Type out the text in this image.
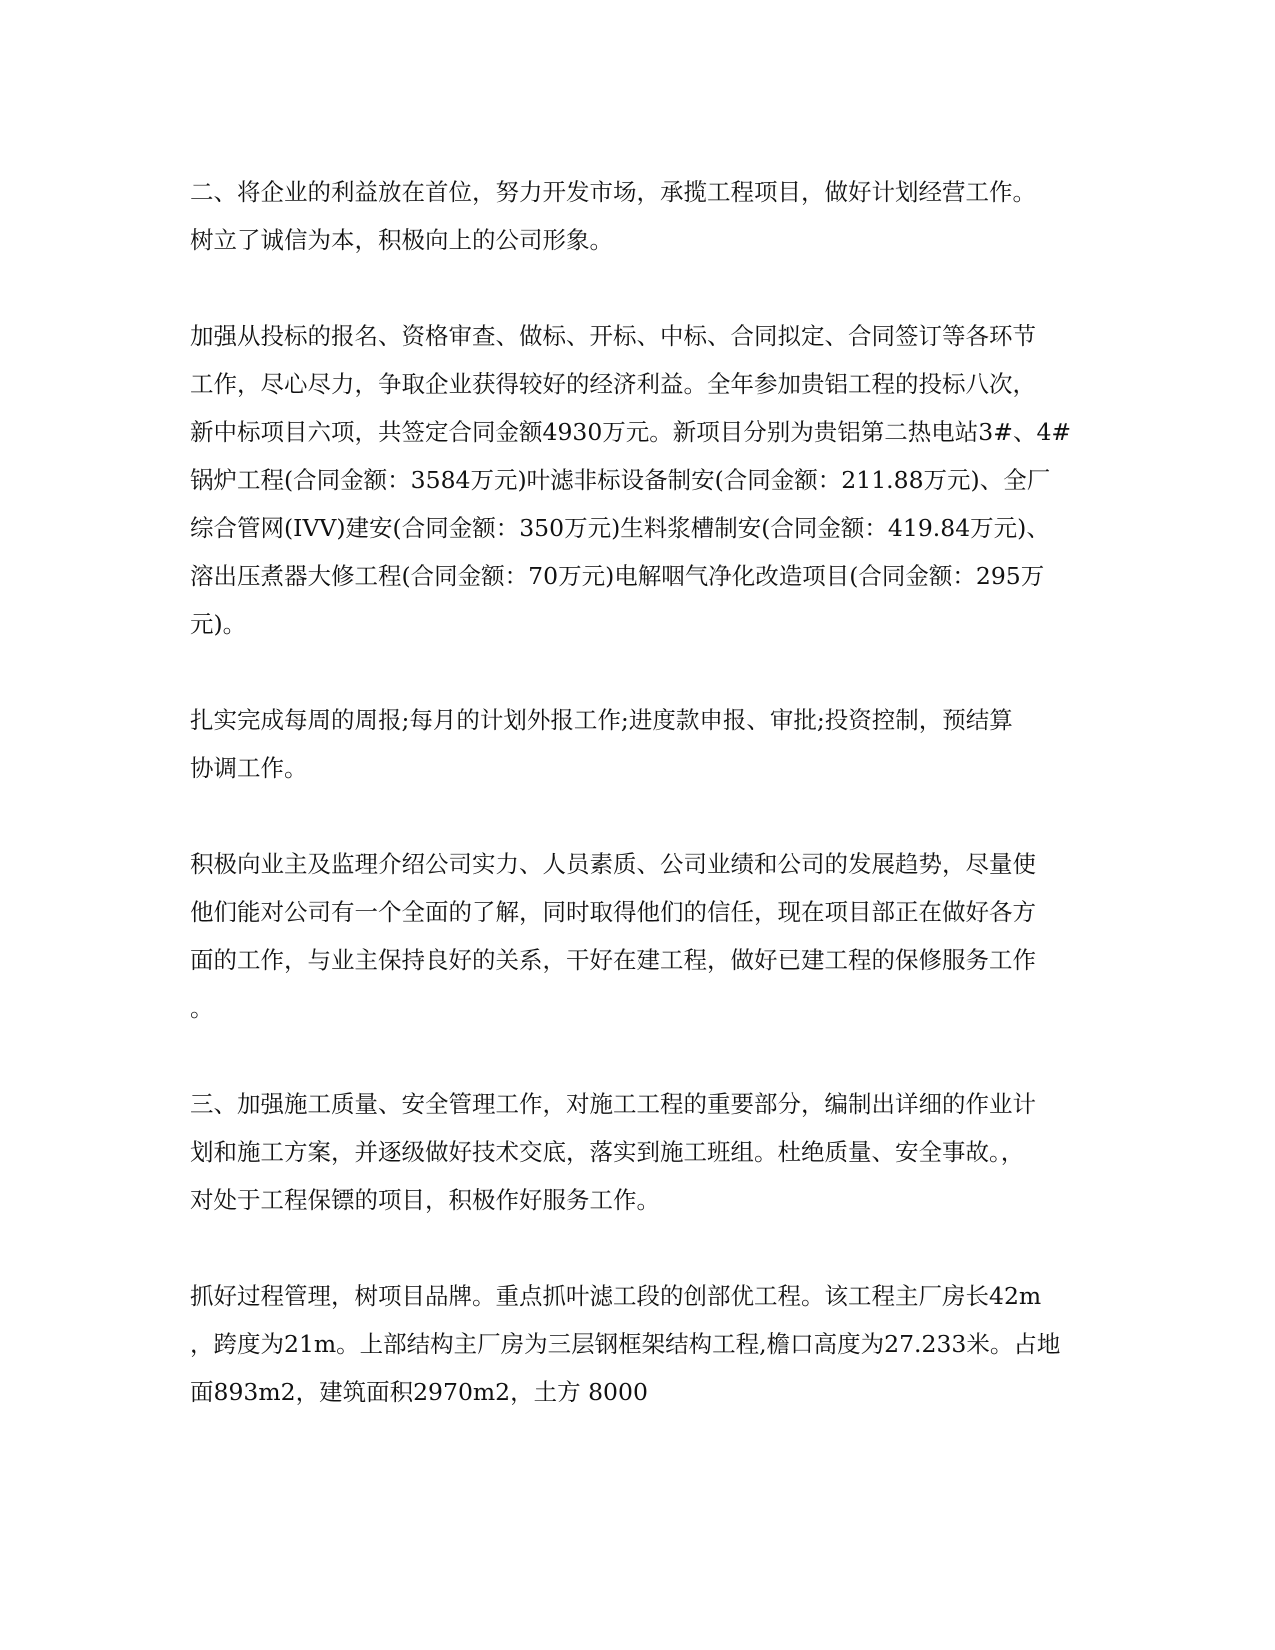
二、将企业的利益放在首位，努力开发市场，承揽工程项目，做好计划经营工作。
树立了诚信为本，积极向上的公司形象。
加强从投标的报名、资格审查、做标、开标、中标、合同拟定、合同签订等各环节
工作，尽心尽力，争取企业获得较好的经济利益。全年参加贵铝工程的投标八次，
新中标项目六项，共签定合同金额4930万元。新项目分别为贵铝第二热电站3#、4#
锅炉工程(合同金额：3584万元)叶滤非标设备制安(合同金额：211.88万元)、全厂
综合管网(IVV)建安(合同金额：350万元)生料浆槽制安(合同金额：419.84万元)、
溶出压煮器大修工程(合同金额：70万元)电解咽气净化改造项目(合同金额：295万
元)。
扎实完成每周的周报;每月的计划外报工作;进度款申报、审批;投资控制，预结算
协调工作。
积极向业主及监理介绍公司实力、人员素质、公司业绩和公司的发展趋势，尽量使
他们能对公司有一个全面的了解，同时取得他们的信任，现在项目部正在做好各方
面的工作，与业主保持良好的关系，干好在建工程，做好已建工程的保修服务工作
。
三、加强施工质量、安全管理工作，对施工工程的重要部分，编制出详细的作业计
划和施工方案，并逐级做好技术交底，落实到施工班组。杜绝质量、安全事故。，
对处于工程保镖的项目，积极作好服务工作。
抓好过程管理，树项目品牌。重点抓叶滤工段的创部优工程。该工程主厂房长42m
，跨度为21m。上部结构主厂房为三层钢框架结构工程,檐口高度为27.233米。占地
面893m2，建筑面积2970m2，土方 8000
